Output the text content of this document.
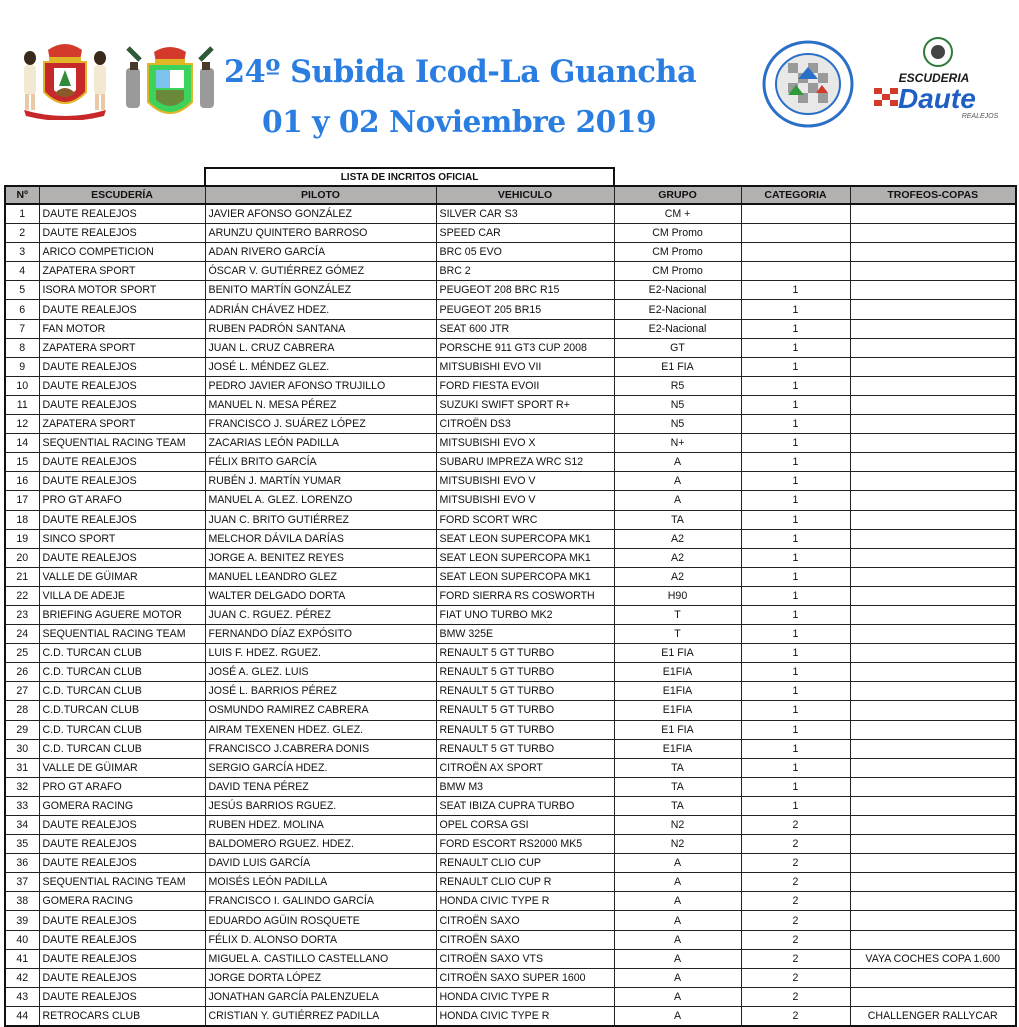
24º Subida Icod-La Guancha
01 y 02 Noviembre 2019
ESCUDERIA
Daute
REALEJOS
LISTA DE INCRITOS OFICIAL
Nº	ESCUDERÍA	PILOTO	VEHICULO	GRUPO	CATEGORIA	TROFEOS-COPAS
1	DAUTE REALEJOS	JAVIER AFONSO GONZÁLEZ	SILVER CAR S3	CM +		
2	DAUTE REALEJOS	ARUNZU QUINTERO BARROSO	SPEED CAR	CM Promo		
3	ARICO COMPETICION	ADAN RIVERO GARCÍA	BRC 05 EVO	CM Promo		
4	ZAPATERA SPORT	ÓSCAR V. GUTIÉRREZ GÓMEZ	BRC 2	CM Promo		
5	ISORA MOTOR SPORT	BENITO MARTÍN GONZÁLEZ	PEUGEOT 208 BRC R15	E2-Nacional	1	
6	DAUTE REALEJOS	ADRIÁN CHÁVEZ HDEZ.	PEUGEOT 205 BR15	E2-Nacional	1	
7	FAN MOTOR	RUBEN PADRÓN SANTANA	SEAT 600 JTR	E2-Nacional	1	
8	ZAPATERA SPORT	JUAN L. CRUZ CABRERA	PORSCHE 911 GT3 CUP 2008	GT	1	
9	DAUTE REALEJOS	JOSÉ L. MÉNDEZ GLEZ.	MITSUBISHI EVO VII	E1 FIA	1	
10	DAUTE REALEJOS	PEDRO JAVIER AFONSO TRUJILLO	FORD FIESTA EVOII	R5	1	
11	DAUTE REALEJOS	MANUEL N. MESA PÉREZ	SUZUKI SWIFT SPORT R+	N5	1	
12	ZAPATERA SPORT	FRANCISCO J. SUÁREZ LÓPEZ	CITROËN DS3	N5	1	
14	SEQUENTIAL RACING TEAM	ZACARIAS LEÓN PADILLA	MITSUBISHI EVO X	N+	1	
15	DAUTE REALEJOS	FÉLIX BRITO GARCÍA	SUBARU IMPREZA WRC S12	A	1	
16	DAUTE REALEJOS	RUBÉN J. MARTÍN YUMAR	MITSUBISHI EVO V	A	1	
17	PRO GT ARAFO	MANUEL A. GLEZ. LORENZO	MITSUBISHI EVO V	A	1	
18	DAUTE REALEJOS	JUAN C. BRITO GUTIÉRREZ	FORD SCORT WRC	TA	1	
19	SINCO SPORT	MELCHOR DÁVILA DARÍAS	SEAT LEON SUPERCOPA MK1	A2	1	
20	DAUTE REALEJOS	JORGE A. BENITEZ REYES	SEAT LEON SUPERCOPA MK1	A2	1	
21	VALLE DE GÜIMAR	MANUEL LEANDRO GLEZ	SEAT LEON SUPERCOPA MK1	A2	1	
22	VILLA DE ADEJE	WALTER DELGADO DORTA	FORD SIERRA RS COSWORTH	H90	1	
23	BRIEFING AGUERE MOTOR	JUAN C. RGUEZ. PÉREZ	FIAT UNO TURBO MK2	T	1	
24	SEQUENTIAL RACING TEAM	FERNANDO DÍAZ EXPÓSITO	BMW 325E	T	1	
25	C.D. TURCAN CLUB	LUIS F. HDEZ. RGUEZ.	RENAULT 5 GT TURBO	E1 FIA	1	
26	C.D. TURCAN CLUB	JOSÉ A. GLEZ. LUIS	RENAULT 5 GT TURBO	E1FIA	1	
27	C.D. TURCAN CLUB	JOSÉ L. BARRIOS PÉREZ	RENAULT 5 GT TURBO	E1FIA	1	
28	C.D.TURCAN CLUB	OSMUNDO RAMIREZ CABRERA	RENAULT 5 GT TURBO	E1FIA	1	
29	C.D. TURCAN CLUB	AIRAM TEXENEN HDEZ. GLEZ.	RENAULT 5 GT TURBO	E1 FIA	1	
30	C.D. TURCAN CLUB	FRANCISCO J.CABRERA DONIS	RENAULT 5 GT TURBO	E1FIA	1	
31	VALLE DE GÜIMAR	SERGIO GARCÍA HDEZ.	CITROËN AX SPORT	TA	1	
32	PRO GT ARAFO	DAVID TENA PÉREZ	BMW M3	TA	1	
33	GOMERA RACING	JESÚS BARRIOS RGUEZ.	SEAT IBIZA CUPRA TURBO	TA	1	
34	DAUTE REALEJOS	RUBEN HDEZ. MOLINA	OPEL CORSA GSI	N2	2	
35	DAUTE REALEJOS	BALDOMERO RGUEZ. HDEZ.	FORD ESCORT RS2000 MK5	N2	2	
36	DAUTE REALEJOS	DAVID LUIS GARCÍA	RENAULT CLIO CUP	A	2	
37	SEQUENTIAL RACING TEAM	MOISÉS LEÓN PADILLA	RENAULT CLIO CUP R	A	2	
38	GOMERA RACING	FRANCISCO I. GALINDO GARCÍA	HONDA CIVIC TYPE R	A	2	
39	DAUTE REALEJOS	EDUARDO AGÜIN ROSQUETE	CITROËN SAXO	A	2	
40	DAUTE REALEJOS	FÉLIX D. ALONSO DORTA	CITROËN SAXO	A	2	
41	DAUTE REALEJOS	MIGUEL A. CASTILLO CASTELLANO	CITROËN SAXO VTS	A	2	VAYA COCHES COPA 1.600
42	DAUTE REALEJOS	JORGE DORTA LÓPEZ	CITROËN SAXO SUPER 1600	A	2	
43	DAUTE REALEJOS	JONATHAN GARCÍA PALENZUELA	HONDA CIVIC TYPE R	A	2	
44	RETROCARS CLUB	CRISTIAN Y. GUTIÉRREZ PADILLA	HONDA CIVIC TYPE R	A	2	CHALLENGER RALLYCAR
